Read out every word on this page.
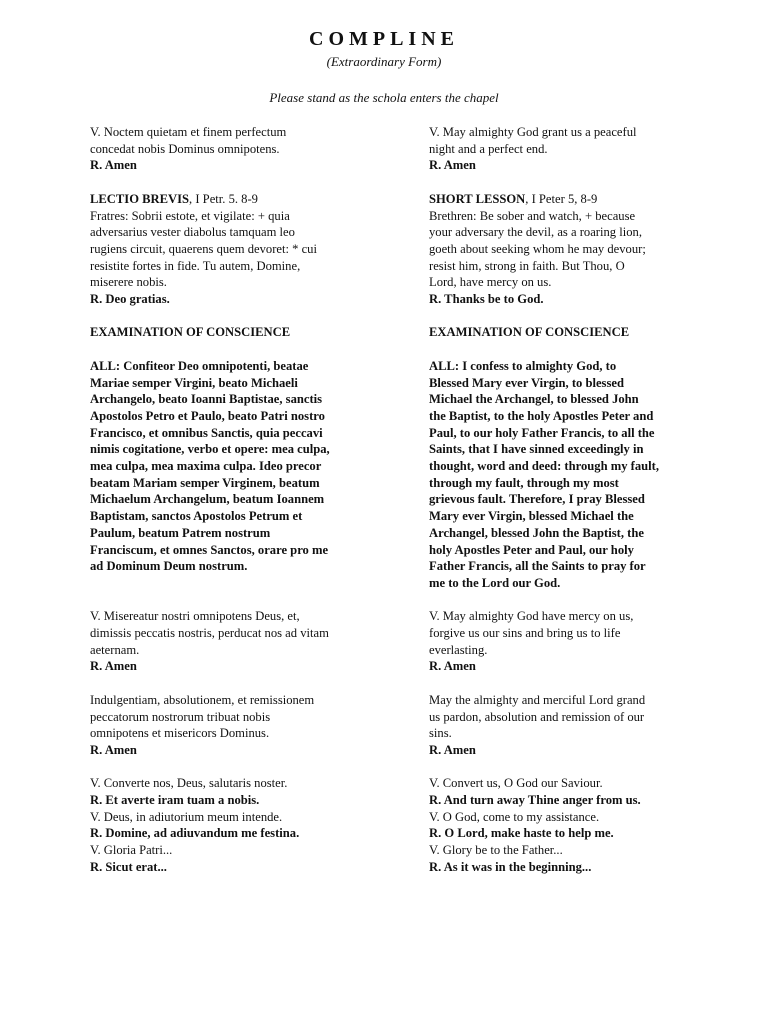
COMPLINE
(Extraordinary Form)
Please stand as the schola enters the chapel

V. Noctem quietam et finem perfectum

concedat nobis Dominus omnipotens.

R. Amen

LECTIO BREVIS, I Petr. 5. 8-9

Fratres: Sobrii estote, et vigilate: + quia

adversarius vester diabolus tamquam leo

rugiens circuit, quaerens quem devoret: * cui

resistite fortes in fide. Tu autem, Domine,

miserere nobis.

R. Deo gratias.

EXAMINATION OF CONSCIENCE

ALL: Confiteor Deo omnipotenti, beatae

Mariae semper Virgini, beato Michaeli

Archangelo, beato Ioanni Baptistae, sanctis

Apostolos Petro et Paulo, beato Patri nostro

Francisco, et omnibus Sanctis, quia peccavi

nimis cogitatione, verbo et opere: mea culpa,

mea culpa, mea maxima culpa. Ideo precor

beatam Mariam semper Virginem, beatum

Michaelum Archangelum, beatum Ioannem

Baptistam, sanctos Apostolos Petrum et

Paulum, beatum Patrem nostrum

Franciscum, et omnes Sanctos, orare pro me

ad Dominum Deum nostrum.

V. Misereatur nostri omnipotens Deus, et,

dimissis peccatis nostris, perducat nos ad vitam

aeternam.

R. Amen

Indulgentiam, absolutionem, et remissionem

peccatorum nostrorum tribuat nobis

omnipotens et misericors Dominus.

R. Amen

V. Converte nos, Deus, salutaris noster.

R. Et averte iram tuam a nobis.

V. Deus, in adiutorium meum intende.

R. Domine, ad adiuvandum me festina.

V. Gloria Patri...

R. Sicut erat...

V. May almighty God grant us a peaceful

night and a perfect end.

R. Amen

SHORT LESSON, I Peter 5, 8-9

Brethren: Be sober and watch, + because

your adversary the devil, as a roaring lion,

goeth about seeking whom he may devour;

resist him, strong in faith. But Thou, O

Lord, have mercy on us.

R. Thanks be to God.

EXAMINATION OF CONSCIENCE

ALL: I confess to almighty God, to

Blessed Mary ever Virgin, to blessed

Michael the Archangel, to blessed John

the Baptist, to the holy Apostles Peter and

Paul, to our holy Father Francis, to all the

Saints, that I have sinned exceedingly in

thought, word and deed: through my fault,

through my fault, through my most

grievous fault. Therefore, I pray Blessed

Mary ever Virgin, blessed Michael the

Archangel, blessed John the Baptist, the

holy Apostles Peter and Paul, our holy

Father Francis, all the Saints to pray for

me to the Lord our God.

V. May almighty God have mercy on us,

forgive us our sins and bring us to life

everlasting.

R. Amen

May the almighty and merciful Lord grand

us pardon, absolution and remission of our

sins.

R. Amen

V. Convert us, O God our Saviour.

R. And turn away Thine anger from us.

V. O God, come to my assistance.

R. O Lord, make haste to help me.

V. Glory be to the Father...

R. As it was in the beginning...
